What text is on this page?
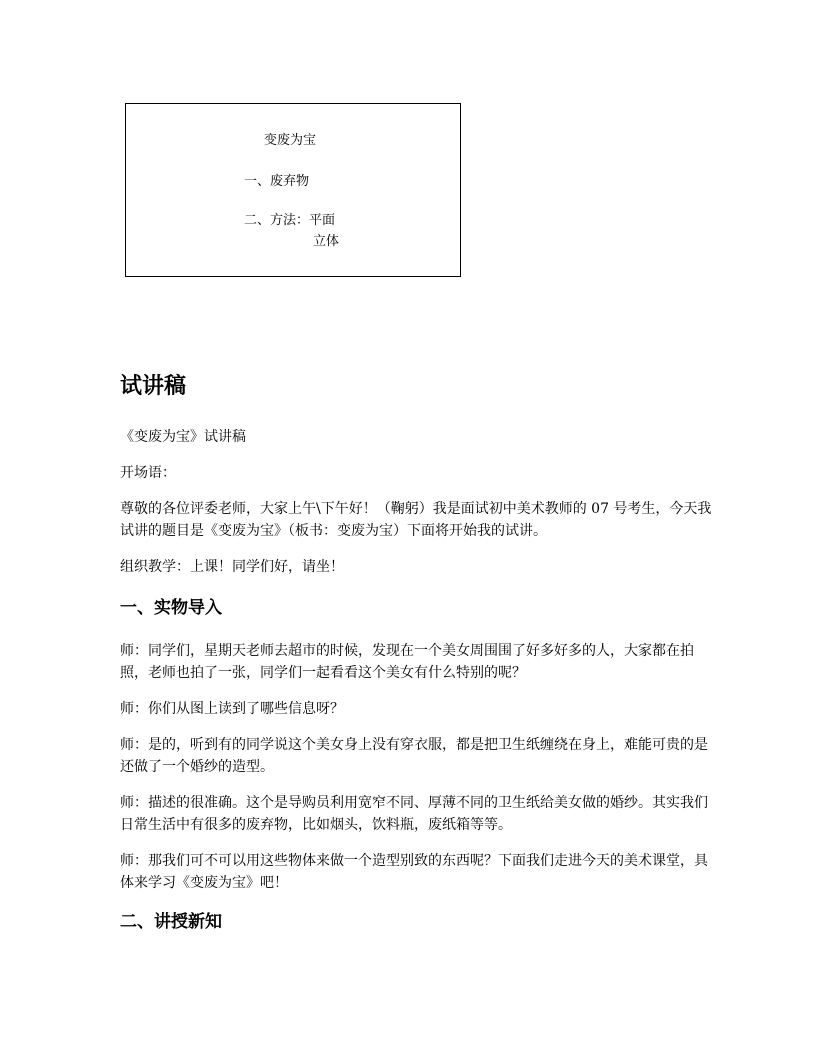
变废为宝
一、废弃物
二、方法：平面
立体
试讲稿

《变废为宝》试讲稿

开场语：

尊敬的各位评委老师，大家上午\下午好！（鞠躬）我是面试初中美术教师的 07 号考生，今天我试讲的题目是《变废为宝》（板书：变废为宝）下面将开始我的试讲。

组织教学：上课！同学们好，请坐！

一、实物导入

师：同学们，星期天老师去超市的时候，发现在一个美女周围围了好多好多的人，大家都在拍照，老师也拍了一张，同学们一起看看这个美女有什么特别的呢？

师：你们从图上读到了哪些信息呀？

师：是的，听到有的同学说这个美女身上没有穿衣服，都是把卫生纸缠绕在身上，难能可贵的是还做了一个婚纱的造型。

师：描述的很准确。这个是导购员利用宽窄不同、厚薄不同的卫生纸给美女做的婚纱。其实我们日常生活中有很多的废弃物，比如烟头，饮料瓶，废纸箱等等。

师：那我们可不可以用这些物体来做一个造型别致的东西呢？下面我们走进今天的美术课堂，具体来学习《变废为宝》吧！

二、讲授新知
